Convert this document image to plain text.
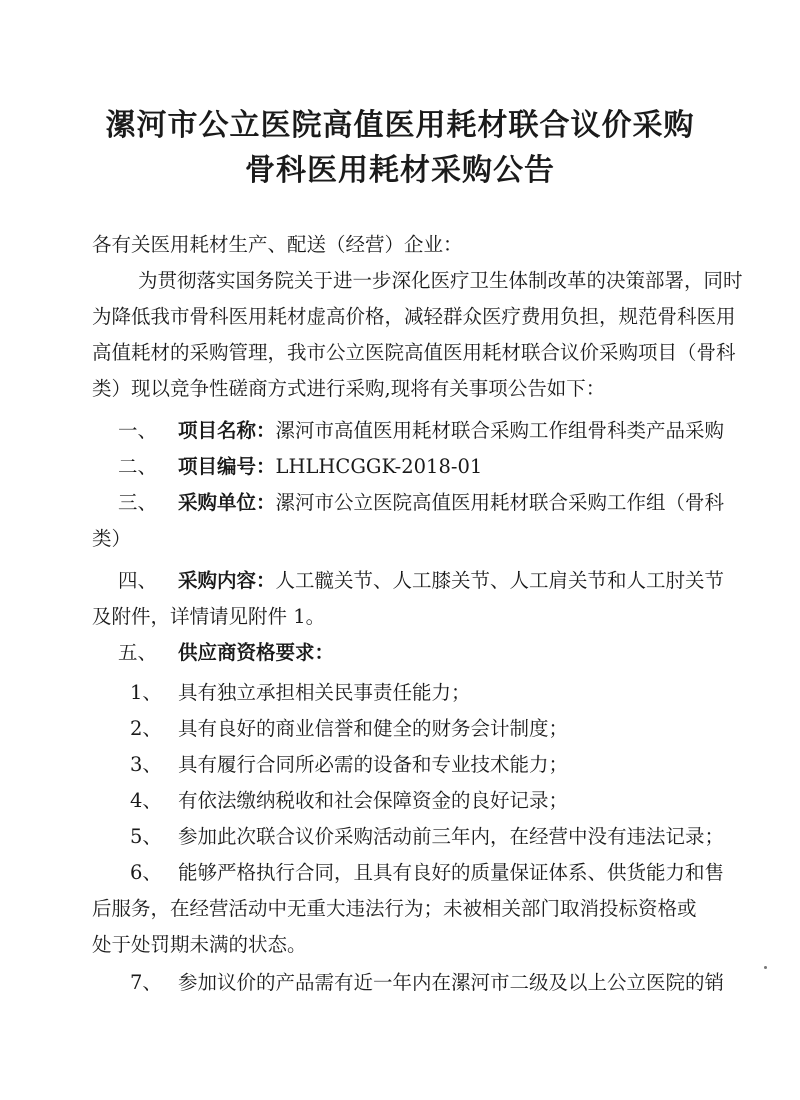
漯河市公立医院高值医用耗材联合议价采购
骨科医用耗材采购公告

各有关医用耗材生产、配送（经营）企业：

为贯彻落实国务院关于进一步深化医疗卫生体制改革的决策部署，同时

为降低我市骨科医用耗材虚高价格，减轻群众医疗费用负担，规范骨科医用

高值耗材的采购管理，我市公立医院高值医用耗材联合议价采购项目（骨科

类）现以竞争性磋商方式进行采购,现将有关事项公告如下：

一、 项目名称：漯河市高值医用耗材联合采购工作组骨科类产品采购

二、 项目编号：LHLHCGGK-2018-01

三、 采购单位：漯河市公立医院高值医用耗材联合采购工作组（骨科

类）

四、 采购内容：人工髋关节、人工膝关节、人工肩关节和人工肘关节

及附件，详情请见附件 1。

五、 供应商资格要求：

1、 具有独立承担相关民事责任能力；

2、 具有良好的商业信誉和健全的财务会计制度；

3、 具有履行合同所必需的设备和专业技术能力；

4、 有依法缴纳税收和社会保障资金的良好记录；

5、 参加此次联合议价采购活动前三年内，在经营中没有违法记录；

6、 能够严格执行合同，且具有良好的质量保证体系、供货能力和售

后服务，在经营活动中无重大违法行为；未被相关部门取消投标资格或

处于处罚期未满的状态。

7、 参加议价的产品需有近一年内在漯河市二级及以上公立医院的销
